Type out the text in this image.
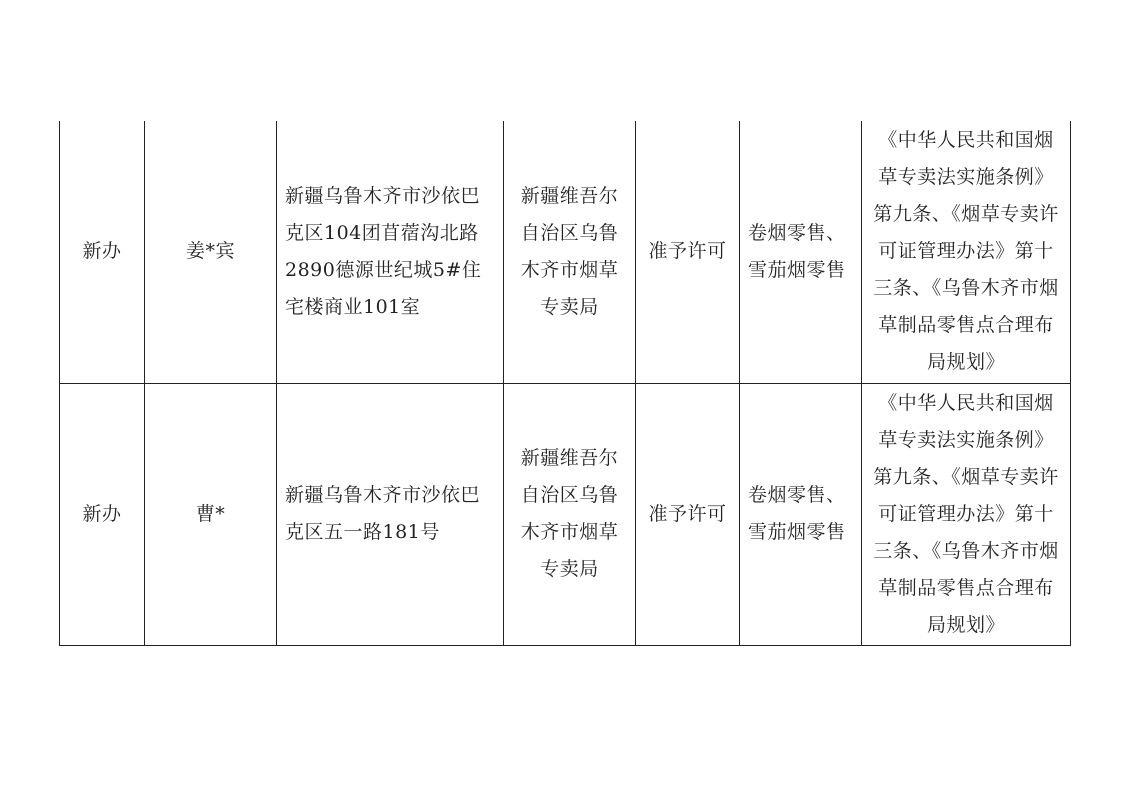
新办	姜*宾	新疆乌鲁木齐市沙依巴克区104团苜蓿沟北路2890德源世纪城5#住宅楼商业101室	新疆维吾尔自治区乌鲁木齐市烟草专卖局	准予许可	卷烟零售、雪茄烟零售	《中华人民共和国烟草专卖法实施条例》第九条、《烟草专卖许可证管理办法》第十三条、《乌鲁木齐市烟草制品零售点合理布局规划》
新办	曹*	新疆乌鲁木齐市沙依巴克区五一路181号	新疆维吾尔自治区乌鲁木齐市烟草专卖局	准予许可	卷烟零售、雪茄烟零售	《中华人民共和国烟草专卖法实施条例》第九条、《烟草专卖许可证管理办法》第十三条、《乌鲁木齐市烟草制品零售点合理布局规划》
